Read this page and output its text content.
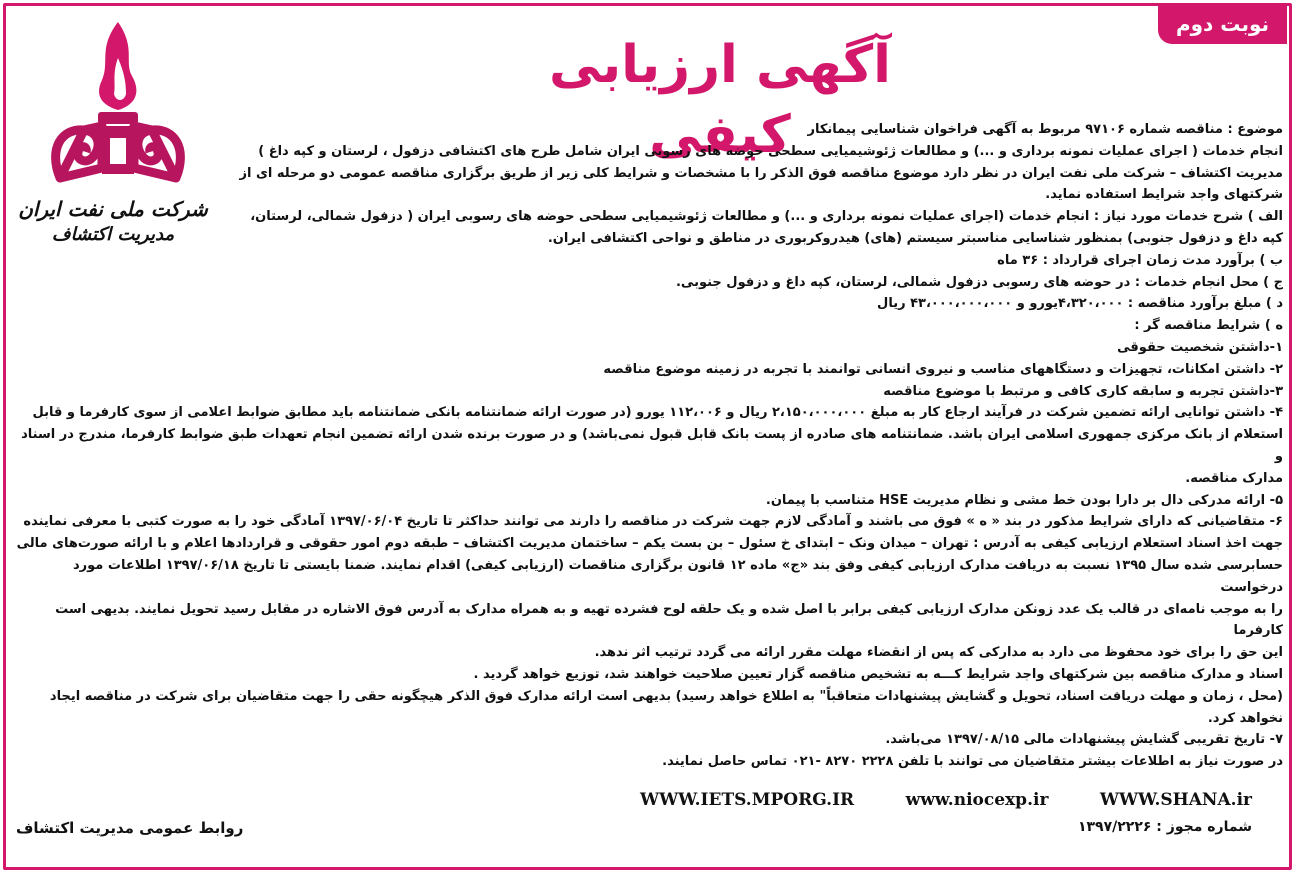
نوبت دوم
آگهی ارزیابی کیفی
شرکت ملی نفت ایران
مدیریت اکتشاف

موضوع : مناقصه شماره ۹۷۱۰۶ مربوط به آگهی فراخوان شناسایی پیمانکار

انجام خدمات ( اجرای عملیات نمونه برداری و ...) و مطالعات ژئوشیمیایی سطحی حوضه های رسوبی ایران شامل طرح های اکتشافی دزفول ، لرستان و کپه داغ )

مدیریت اکتشاف – شرکت ملی نفت ایران در نظر دارد موضوع مناقصه فوق الذکر را با مشخصات و شرایط کلی زیر از طریق برگزاری مناقصه عمومی دو مرحله ای از

شرکتهای واجد شرایط استفاده نماید.

الف ) شرح خدمات مورد نیاز : انجام خدمات (اجرای عملیات نمونه برداری و ...) و مطالعات ژئوشیمیایی سطحی حوضه های رسوبی ایران ( دزفول شمالی، لرستان،

کپه داغ و دزفول جنوبی) بمنظور شناسایی مناسبتر سیستم (های) هیدروکربوری در مناطق و نواحی اکتشافی ایران.

ب ) برآورد مدت زمان اجرای قرارداد : ۳۶ ماه

ج ) محل انجام خدمات : در حوضه های رسوبی دزفول شمالی، لرستان، کپه داغ و دزفول جنوبی.

د ) مبلغ برآورد مناقصه : ۴،۳۲۰،۰۰۰یورو و ۴۳،۰۰۰،۰۰۰،۰۰۰ ریال

ه ) شرایط مناقصه گر :

۱-داشتن شخصیت حقوقی

۲- داشتن امکانات، تجهیزات و دستگاههای مناسب و نیروی انسانی توانمند با تجربه در زمینه موضوع مناقصه

۳-داشتن تجربه و سابقه کاری کافی و مرتبط با موضوع مناقصه

۴- داشتن توانایی ارائه تضمین شرکت در فرآیند ارجاع کار به مبلغ ۲،۱۵۰،۰۰۰،۰۰۰ ریال و ۱۱۲،۰۰۶ یورو (در صورت ارائه ضمانتنامه بانکی ضمانتنامه باید مطابق ضوابط اعلامی از سوی کارفرما و قابل

استعلام از بانک مرکزی جمهوری اسلامی ایران باشد. ضمانتنامه های صادره از پست بانک قابل قبول نمی‌باشد) و در صورت برنده شدن ارائه تضمین انجام تعهدات طبق ضوابط کارفرما، مندرج در اسناد و

مدارک مناقصه.

۵- ارائه مدرکی دال بر دارا بودن خط مشی و نظام مدیریت HSE متناسب با پیمان.

۶- متقاضیانی که دارای شرایط مذکور در بند « ه » فوق می باشند و آمادگی لازم جهت شرکت در مناقصه را دارند می توانند حداکثر تا تاریخ ۱۳۹۷/۰۶/۰۴ آمادگی خود را به صورت کتبی با معرفی نماینده

جهت اخذ اسناد استعلام ارزیابی کیفی به آدرس : تهران – میدان ونک – ابتدای خ سئول – بن بست یکم – ساختمان مدیریت اکتشاف – طبقه دوم امور حقوقی و قراردادها اعلام و با ارائه صورت‌های مالی

حسابرسی شده سال ۱۳۹۵ نسبت به دریافت مدارک ارزیابی کیفی وفق بند «ج» ماده ۱۲ قانون برگزاری مناقصات (ارزیابی کیفی) اقدام نمایند. ضمنا بایستی تا تاریخ ۱۳۹۷/۰۶/۱۸ اطلاعات مورد درخواست

را به موجب نامه‌ای در قالب یک عدد زونکن مدارک ارزیابی کیفی برابر با اصل شده و یک حلقه لوح فشرده تهیه و به همراه مدارک به آدرس فوق الاشاره در مقابل رسید تحویل نمایند. بدیهی است کارفرما

این حق را برای خود محفوظ می دارد به مدارکی که پس از انقضاء مهلت مقرر ارائه می گردد ترتیب اثر ندهد.

اسناد و مدارک مناقصه بین شرکتهای واجد شرایط کـــه به تشخیص مناقصه گزار تعیین صلاحیت خواهند شد، توزیع خواهد گردید .

(محل ، زمان و مهلت دریافت اسناد، تحویل و گشایش پیشنهادات متعاقباً" به اطلاع خواهد رسید) بدیهی است ارائه مدارک فوق الذکر هیچگونه حقی را جهت متقاضیان برای شرکت در مناقصه ایجاد نخواهد کرد.

۷- تاریخ تقریبی گشایش پیشنهادات مالی ۱۳۹۷/۰۸/۱۵ می‌باشد.

در صورت نیاز به اطلاعات بیشتر متقاضیان می توانند با تلفن ۲۲۲۸ ۸۲۷۰ -۰۲۱ تماس حاصل نمایند.

WWW.IETS.MPORG.IR	www.niocexp.ir	WWW.SHANA.ir
شماره مجوز : ۱۳۹۷/۲۲۲۶
روابط عمومی مدیریت اکتشاف
